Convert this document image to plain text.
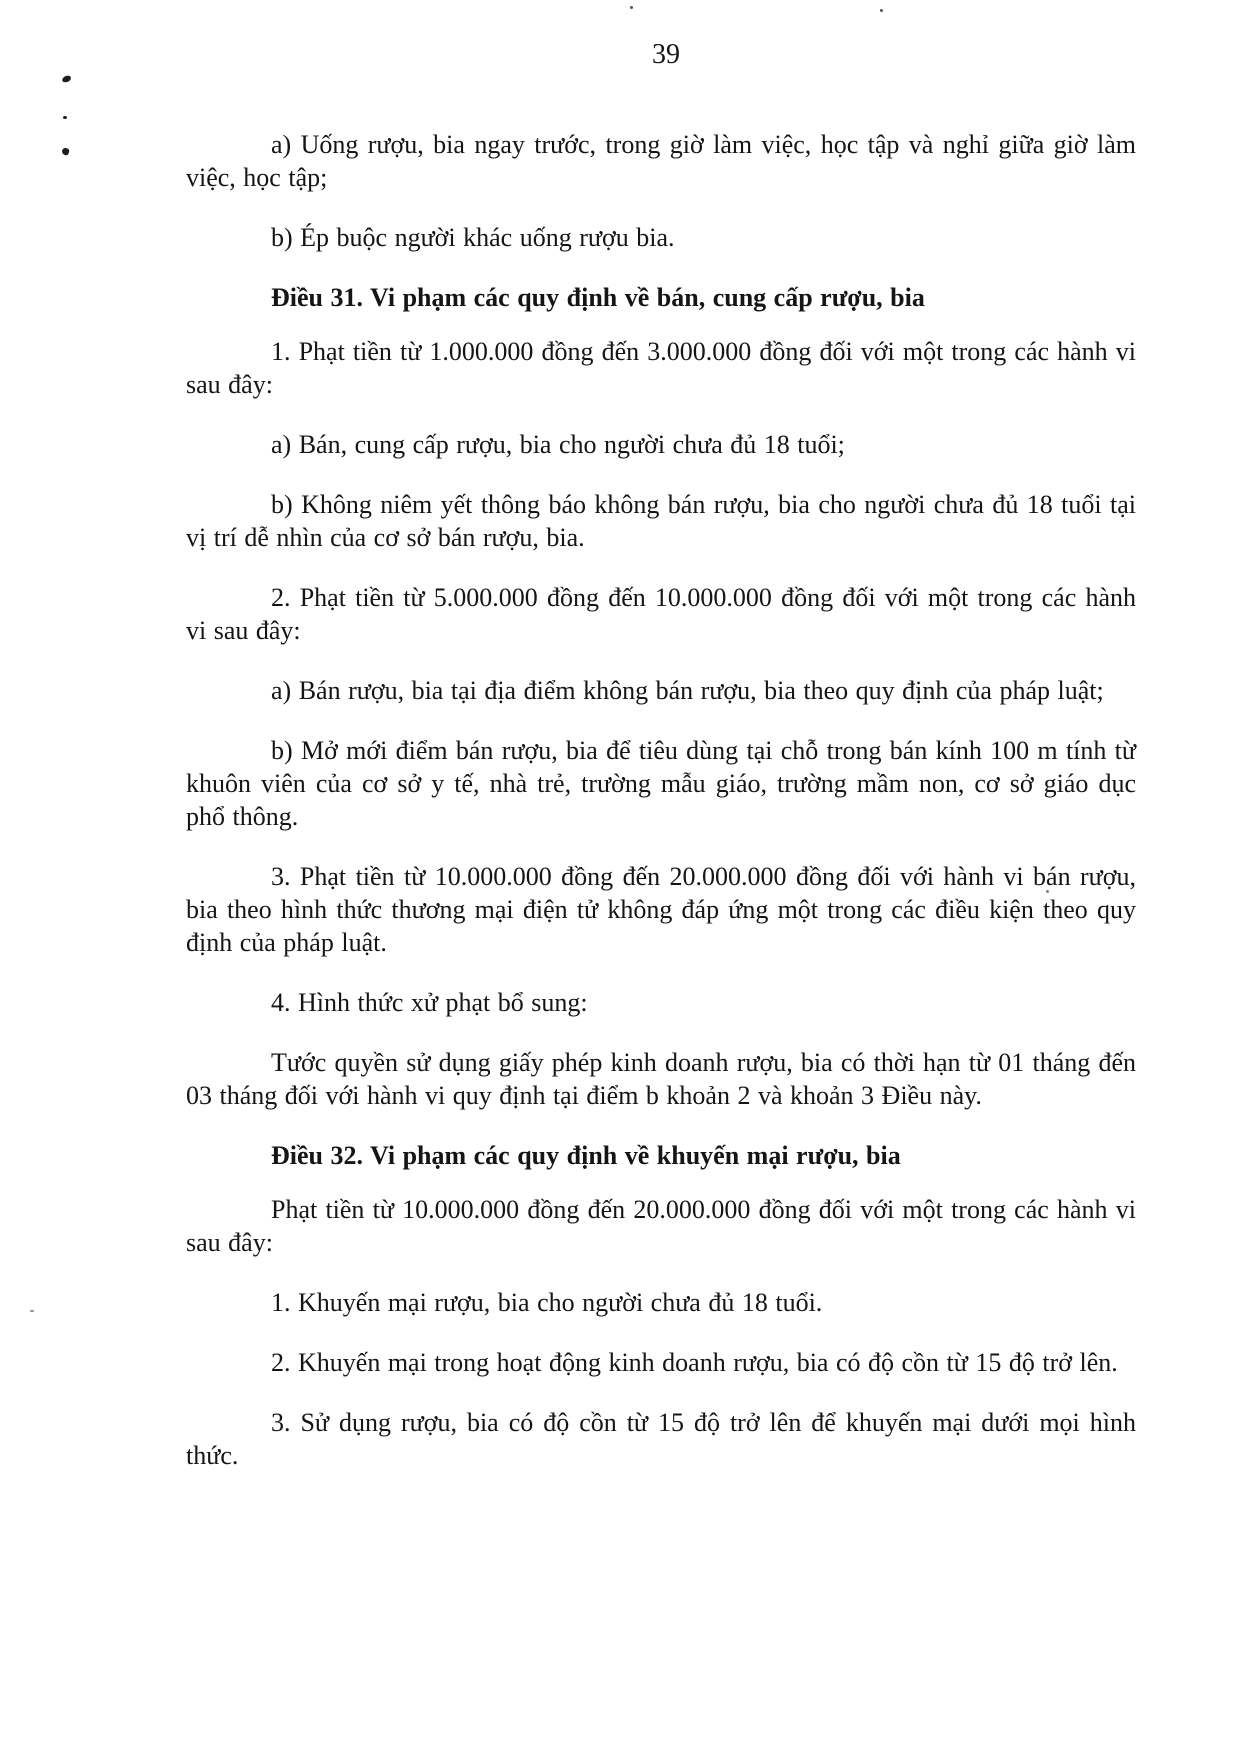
39

a) Uống rượu, bia ngay trước, trong giờ làm việc, học tập và nghỉ giữa giờ làm việc, học tập;

b) Ép buộc người khác uống rượu bia.

Điều 31. Vi phạm các quy định về bán, cung cấp rượu, bia

1. Phạt tiền từ 1.000.000 đồng đến 3.000.000 đồng đối với một trong các hành vi sau đây:

a) Bán, cung cấp rượu, bia cho người chưa đủ 18 tuổi;

b) Không niêm yết thông báo không bán rượu, bia cho người chưa đủ 18 tuổi tại vị trí dễ nhìn của cơ sở bán rượu, bia.

2. Phạt tiền từ 5.000.000 đồng đến 10.000.000 đồng đối với một trong các hành vi sau đây:

a) Bán rượu, bia tại địa điểm không bán rượu, bia theo quy định của pháp luật;

b) Mở mới điểm bán rượu, bia để tiêu dùng tại chỗ trong bán kính 100 m tính từ khuôn viên của cơ sở y tế, nhà trẻ, trường mẫu giáo, trường mầm non, cơ sở giáo dục phổ thông.

3. Phạt tiền từ 10.000.000 đồng đến 20.000.000 đồng đối với hành vi bán rượu, bia theo hình thức thương mại điện tử không đáp ứng một trong các điều kiện theo quy định của pháp luật.

4. Hình thức xử phạt bổ sung:

Tước quyền sử dụng giấy phép kinh doanh rượu, bia có thời hạn từ 01 tháng đến 03 tháng đối với hành vi quy định tại điểm b khoản 2 và khoản 3 Điều này.

Điều 32. Vi phạm các quy định về khuyến mại rượu, bia

Phạt tiền từ 10.000.000 đồng đến 20.000.000 đồng đối với một trong các hành vi sau đây:

1. Khuyến mại rượu, bia cho người chưa đủ 18 tuổi.

2. Khuyến mại trong hoạt động kinh doanh rượu, bia có độ cồn từ 15 độ trở lên.

3. Sử dụng rượu, bia có độ cồn từ 15 độ trở lên để khuyến mại dưới mọi hình thức.
